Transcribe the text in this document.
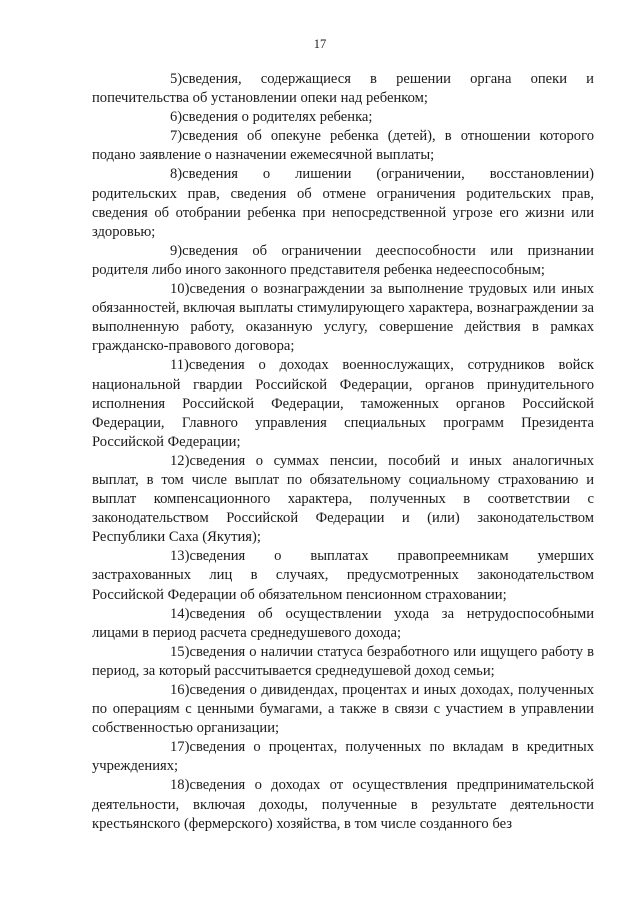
17

5)сведения, содержащиеся в решении органа опеки и попечительства об установлении опеки над ребенком;

6)сведения о родителях ребенка;

7)сведения об опекуне ребенка (детей), в отношении которого подано заявление о назначении ежемесячной выплаты;

8)сведения о лишении (ограничении, восстановлении) родительских прав, сведения об отмене ограничения родительских прав, сведения об отобрании ребенка при непосредственной угрозе его жизни или здоровью;

9)сведения об ограничении дееспособности или признании родителя либо иного законного представителя ребенка недееспособным;

10)сведения о вознаграждении за выполнение трудовых или иных обязанностей, включая выплаты стимулирующего характера, вознаграждении за выполненную работу, оказанную услугу, совершение действия в рамках гражданско-правового договора;

11)сведения о доходах военнослужащих, сотрудников войск национальной гвардии Российской Федерации, органов принудительного исполнения Российской Федерации, таможенных органов Российской Федерации, Главного управления специальных программ Президента Российской Федерации;

12)сведения о суммах пенсии, пособий и иных аналогичных выплат, в том числе выплат по обязательному социальному страхованию и выплат компенсационного характера, полученных в соответствии с законодательством Российской Федерации и (или) законодательством Республики Саха (Якутия);

13)сведения о выплатах правопреемникам умерших застрахованных лиц в случаях, предусмотренных законодательством Российской Федерации об обязательном пенсионном страховании;

14)сведения об осуществлении ухода за нетрудоспособными лицами в период расчета среднедушевого дохода;

15)сведения о наличии статуса безработного или ищущего работу в период, за который рассчитывается среднедушевой доход семьи;

16)сведения о дивидендах, процентах и иных доходах, полученных по операциям с ценными бумагами, а также в связи с участием в управлении собственностью организации;

17)сведения о процентах, полученных по вкладам в кредитных учреждениях;

18)сведения о доходах от осуществления предпринимательской деятельности, включая доходы, полученные в результате деятельности крестьянского (фермерского) хозяйства, в том числе созданного без
